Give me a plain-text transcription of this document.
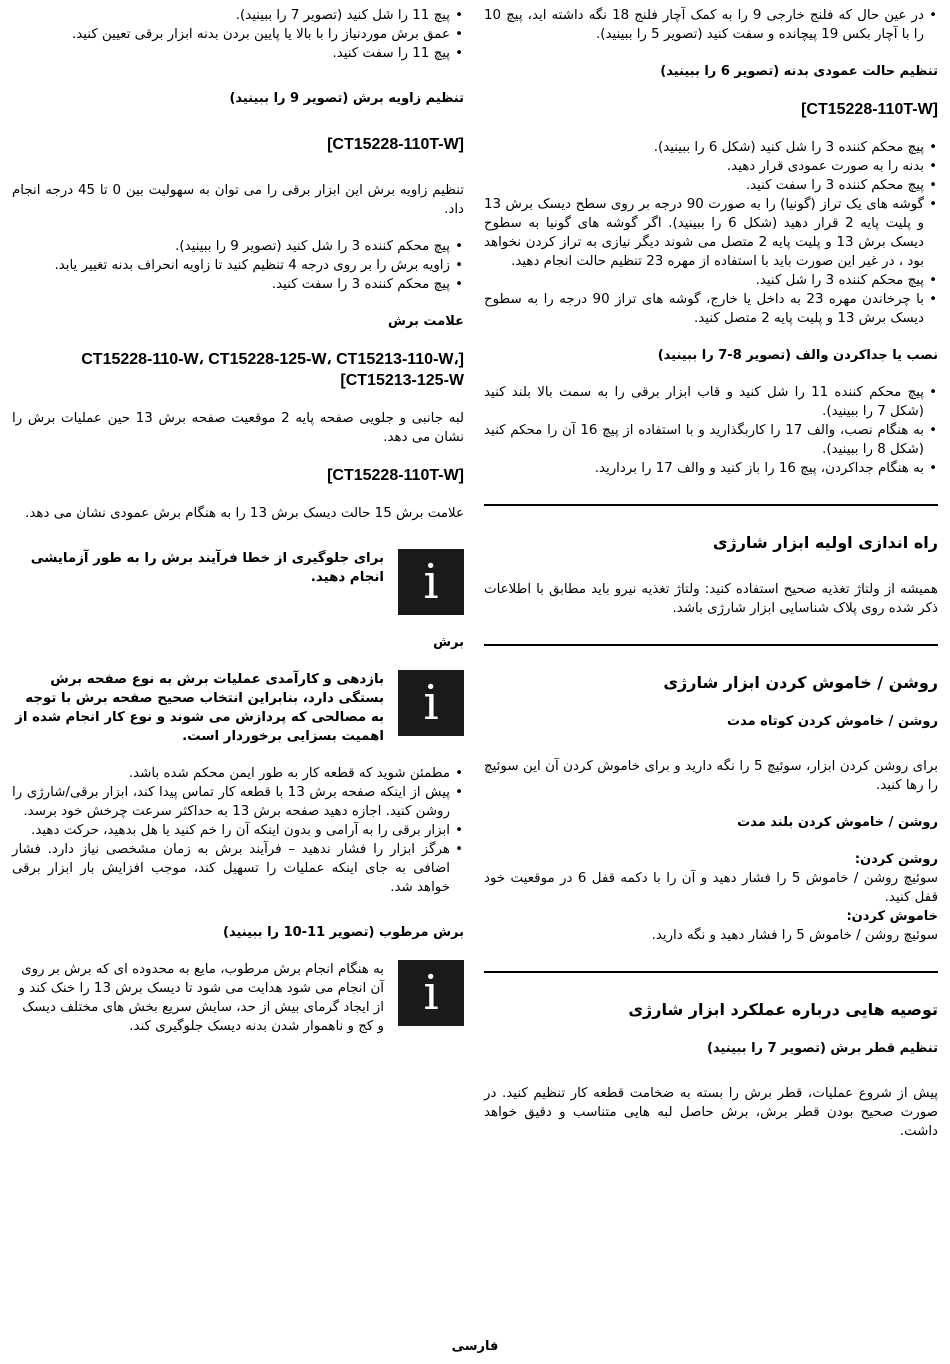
• در عین حال که فلنج خارجی 9 را به کمک آچار فلنج 18 نگه داشته اید، پیچ 10 را با آچار بکس 19 پیچانده و سفت کنید (تصویر 5 را ببینید).

تنظیم حالت عمودی بدنه (تصویر 6 را ببینید)

[CT15228-110T-W]

• پیچ محکم کننده 3 را شل کنید (شکل 6 را ببینید).
• بدنه را به صورت عمودی قرار دهید.
• پیچ محکم کننده 3 را سفت کنید.
• گوشه های یک تراز (گونیا) را به صورت 90 درجه بر روی سطح دیسک برش 13 و پلیت پایه 2 قرار دهید (شکل 6 را ببینید). اگر گوشه های گونیا به سطوح دیسک برش 13 و پلیت پایه 2 متصل می شوند دیگر نیازی به تراز کردن نخواهد بود ، در غیر این صورت باید با استفاده از مهره 23 تنظیم حالت انجام دهید.
• پیچ محکم کننده 3 را شل کنید.
• با چرخاندن مهره 23 به داخل یا خارج، گوشه های تراز 90 درجه را به سطوح دیسک برش 13 و پلیت پایه 2 متصل کنید.

نصب یا جداکردن والف (تصویر 8-7 را ببینید)

• پیچ محکم کننده 11 را شل کنید و قاب ابزار برقی را به سمت بالا بلند کنید (شکل 7 را ببینید).
• به هنگام نصب، والف 17 را کاربگذارید و با استفاده از پیچ 16 آن را محکم کنید (شکل 8 را ببینید).
• به هنگام جداکردن، پیچ 16 را باز کنید و والف 17 را بردارید.

راه اندازی اولیه ابزار شارژی

همیشه از ولتاژ تغذیه صحیح استفاده کنید: ولتاژ تغذیه نیرو باید مطابق با اطلاعات ذکر شده روی پلاک شناسایی ابزار شارژی باشد.

روشن / خاموش کردن ابزار شارژی

روشن / خاموش کردن کوتاه مدت

برای روشن کردن ابزار، سوئیچ 5 را نگه دارید و برای خاموش کردن آن این سوئیچ را رها کنید.

روشن / خاموش کردن بلند مدت

روشن کردن:

سوئیچ روشن / خاموش 5 را فشار دهید و آن را با دکمه قفل 6 در موقعیت خود قفل کنید.

خاموش کردن:

سوئیچ روشن / خاموش 5 را فشار دهید و نگه دارید.

توصیه هایی درباره عملکرد ابزار شارژی

تنظیم قطر برش (تصویر 7 را ببینید)

پیش از شروع عملیات، قطر برش را بسته به ضخامت قطعه کار تنظیم کنید. در صورت صحیح بودن قطر برش، برش حاصل لبه هایی متناسب و دقیق خواهد داشت.

• پیچ 11 را شل کنید (تصویر 7 را ببینید).
• عمق برش موردنیاز را با بالا یا پایین بردن بدنه ابزار برقی تعیین کنید.
• پیچ 11 را سفت کنید.

تنظیم زاویه برش (تصویر 9 را ببینید)

[CT15228-110T-W]

تنظیم زاویه برش این ابزار برقی را می توان به سهولیت بین 0 تا 45 درجه انجام داد.

• پیچ محکم کننده 3 را شل کنید (تصویر 9 را ببینید).
• زاویه برش را بر روی درجه 4 تنظیم کنید تا زاویه انحراف بدنه تغییر یابد.
• پیچ محکم کننده 3 را سفت کنید.

علامت برش

[CT15228-110-W، CT15228-125-W، CT15213-110-W، CT15213-125-W]

لبه جانبی و جلویی صفحه پایه 2 موقعیت صفحه برش 13 حین عملیات برش را نشان می دهد.

[CT15228-110T-W]

علامت برش 15 حالت دیسک برش 13 را به هنگام برش عمودی نشان می دهد.

i
برای جلوگیری از خطا فرآیند برش را به طور آزمایشی انجام دهید.

برش

i
بازدهی و کارآمدی عملیات برش به نوع صفحه برش بستگی دارد، بنابراین انتخاب صحیح صفحه برش با توجه به مصالحی که پردازش می شوند و نوع کار انجام شده از اهمیت بسزایی برخوردار است.
• مطمئن شوید که قطعه کار به طور ایمن محکم شده باشد.
• پیش از اینکه صفحه برش 13 با قطعه کار تماس پیدا کند، ابزار برقی/شارژی را روشن کنید. اجازه دهید صفحه برش 13 به حداکثر سرعت چرخش خود برسد.
• ابزار برقی را به آرامی و بدون اینکه آن را خم کنید یا هل بدهید، حرکت دهید.
• هرگز ابزار را فشار ندهید – فرآیند برش به زمان مشخصی نیاز دارد. فشار اضافی به جای اینکه عملیات را تسهیل کند، موجب افزایش بار ابزار برقی خواهد شد.

برش مرطوب (تصویر 11-10 را ببینید)

i
به هنگام انجام برش مرطوب، مایع به محدوده ای که برش بر روی آن انجام می شود هدایت می شود تا دیسک برش 13 را خنک کند و از ایجاد گرمای بیش از حد، سایش سریع بخش های مختلف دیسک و کج و ناهموار شدن بدنه دیسک جلوگیری کند.
فارسی
